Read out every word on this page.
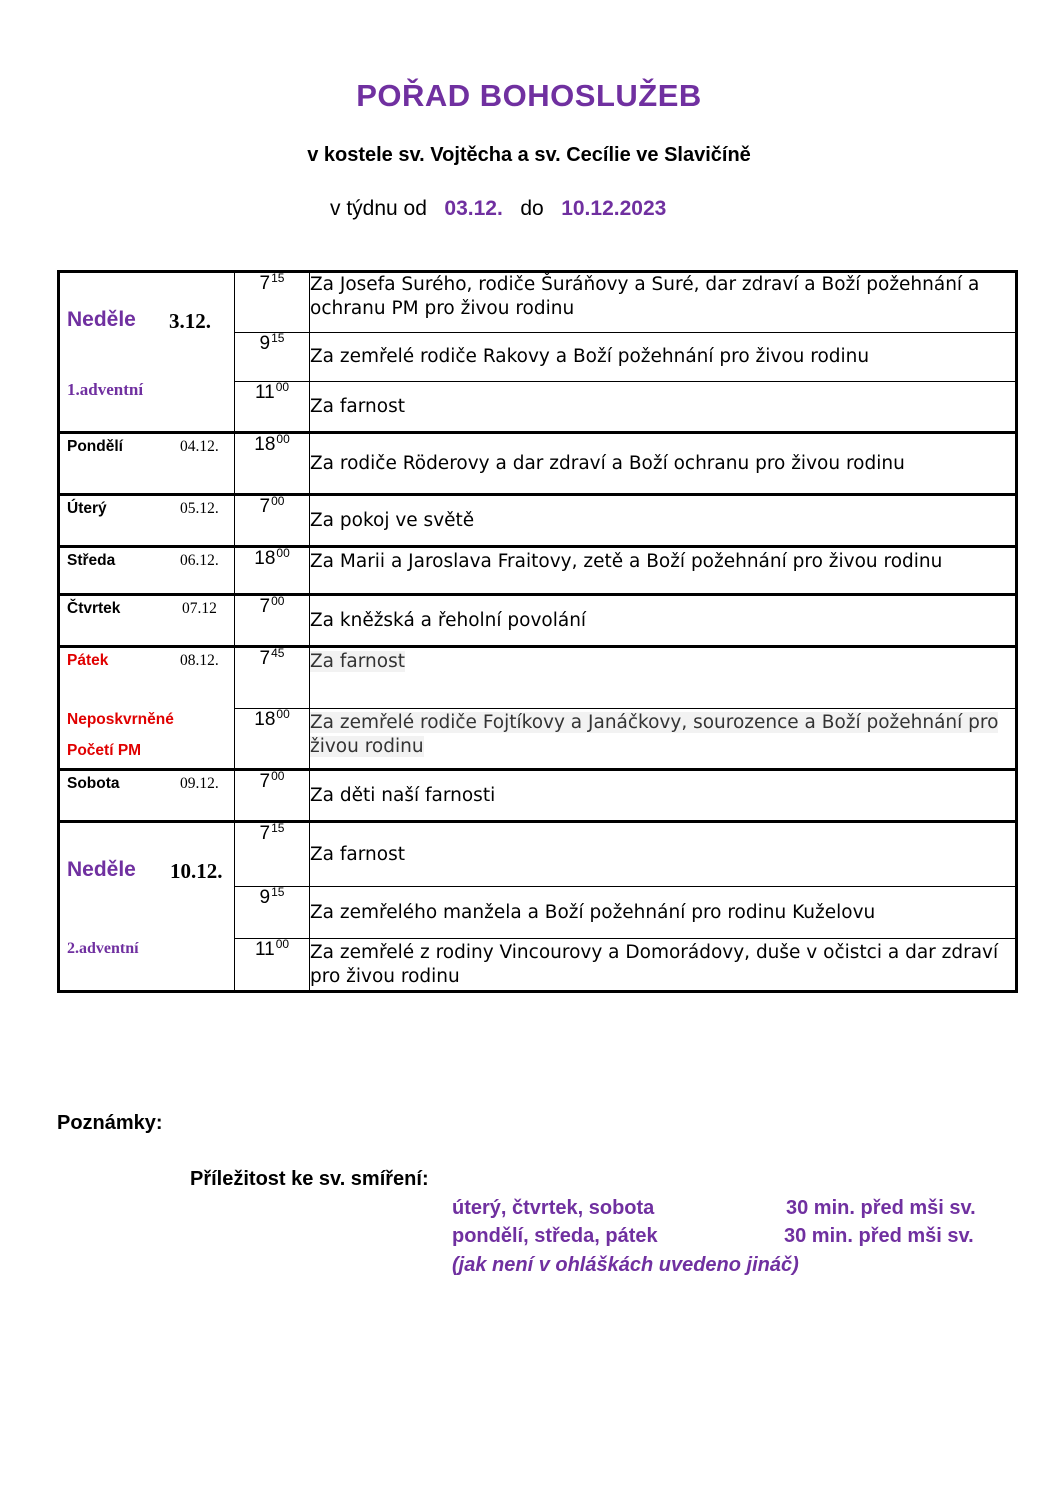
POŘAD BOHOSLUŽEB
v kostele sv. Vojtěcha a sv. Cecílie ve Slavičíně
v týdnu od 03.12. do 10.12.2023
Neděle 3.12.
1.adventní	$7^{15}$	Za Josefa Surého, rodiče Šuráňovy a Suré, dar zdraví a Boží požehnání a ochranu PM pro živou rodinu
	$9^{15}$	Za zemřelé rodiče Rakovy a Boží požehnání pro živou rodinu
	$11^{00}$	Za farnost

Pondělí 04.12.	$18^{00}$	Za rodiče Röderovy a dar zdraví a Boží ochranu pro živou rodinu

Úterý 05.12.	$7^{00}$	Za pokoj ve světě

Středa 06.12.	$18^{00}$	Za Marii a Jaroslava Fraitovy, zetě a Boží požehnání pro živou rodinu

Čtvrtek 07.12	$7^{00}$	Za kněžská a řeholní povolání

Pátek 08.12.
Neposkvrněné
Početí PM	$7^{45}$	Za farnost
	$18^{00}$	Za zemřelé rodiče Fojtíkovy a Janáčkovy, sourozence a Boží požehnání pro živou rodinu

Sobota 09.12.	$7^{00}$	Za děti naší farnosti

Neděle 10.12.
2.adventní	$7^{15}$	Za farnost
	$9^{15}$	Za zemřelého manžela a Boží požehnání pro rodinu Kuželovu
	$11^{00}$	Za zemřelé z rodiny Vincourovy a Domorádovy, duše v očistci a dar zdraví pro živou rodinu
Poznámky:
Příležitost ke sv. smíření:
úterý, čtvrtek, sobota	30 min. před mši sv.
pondělí, středa, pátek	30 min. před mši sv.
(jak není v ohláškách uvedeno jináč)
